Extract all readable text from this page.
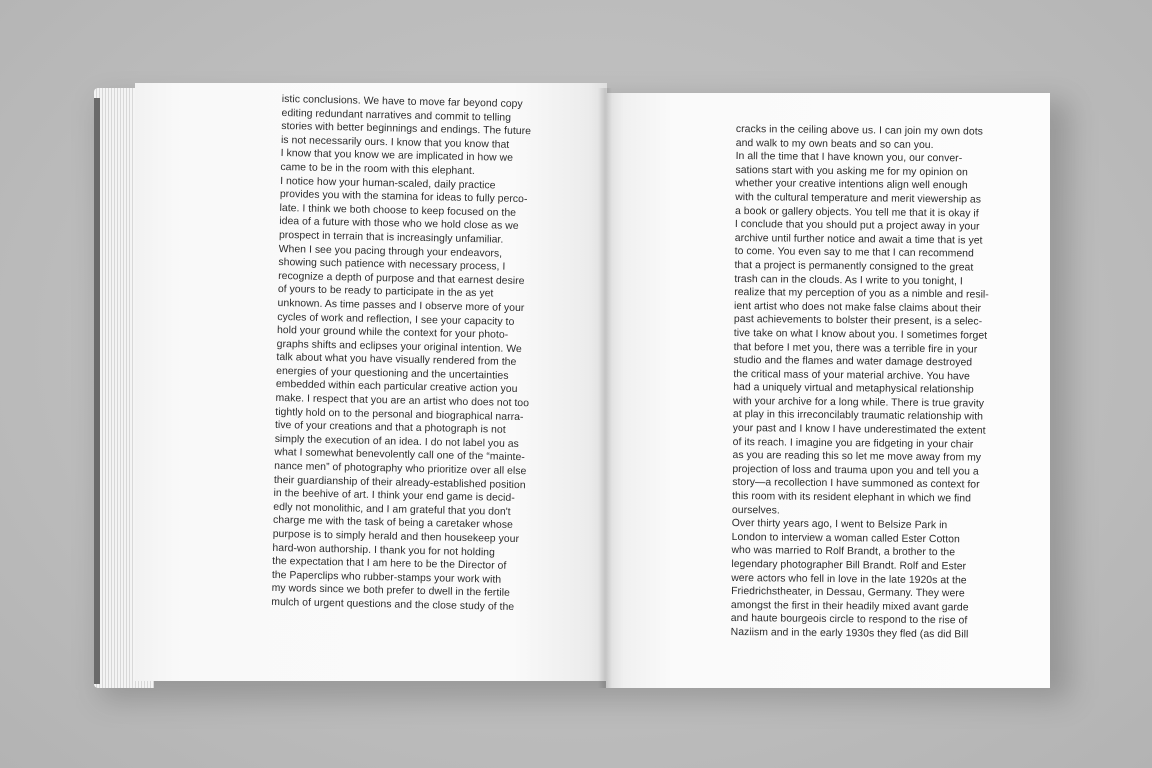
istic conclusions. We have to move far beyond copy
editing redundant narratives and commit to telling
stories with better beginnings and endings. The future
is not necessarily ours. I know that you know that
I know that you know we are implicated in how we
came to be in the room with this elephant.
I notice how your human-scaled, daily practice
provides you with the stamina for ideas to fully perco-
late. I think we both choose to keep focused on the
idea of a future with those who we hold close as we
prospect in terrain that is increasingly unfamiliar.
When I see you pacing through your endeavors,
showing such patience with necessary process, I
recognize a depth of purpose and that earnest desire
of yours to be ready to participate in the as yet
unknown. As time passes and I observe more of your
cycles of work and reflection, I see your capacity to
hold your ground while the context for your photo-
graphs shifts and eclipses your original intention. We
talk about what you have visually rendered from the
energies of your questioning and the uncertainties
embedded within each particular creative action you
make. I respect that you are an artist who does not too
tightly hold on to the personal and biographical narra-
tive of your creations and that a photograph is not
simply the execution of an idea. I do not label you as
what I somewhat benevolently call one of the “mainte-
nance men” of photography who prioritize over all else
their guardianship of their already-established position
in the beehive of art. I think your end game is decid-
edly not monolithic, and I am grateful that you don't
charge me with the task of being a caretaker whose
purpose is to simply herald and then housekeep your
hard-won authorship. I thank you for not holding
the expectation that I am here to be the Director of
the Paperclips who rubber-stamps your work with
my words since we both prefer to dwell in the fertile
mulch of urgent questions and the close study of the
cracks in the ceiling above us. I can join my own dots
and walk to my own beats and so can you.
In all the time that I have known you, our conver-
sations start with you asking me for my opinion on
whether your creative intentions align well enough
with the cultural temperature and merit viewership as
a book or gallery objects. You tell me that it is okay if
I conclude that you should put a project away in your
archive until further notice and await a time that is yet
to come. You even say to me that I can recommend
that a project is permanently consigned to the great
trash can in the clouds. As I write to you tonight, I
realize that my perception of you as a nimble and resil-
ient artist who does not make false claims about their
past achievements to bolster their present, is a selec-
tive take on what I know about you. I sometimes forget
that before I met you, there was a terrible fire in your
studio and the flames and water damage destroyed
the critical mass of your material archive. You have
had a uniquely virtual and metaphysical relationship
with your archive for a long while. There is true gravity
at play in this irreconcilably traumatic relationship with
your past and I know I have underestimated the extent
of its reach. I imagine you are fidgeting in your chair
as you are reading this so let me move away from my
projection of loss and trauma upon you and tell you a
story—a recollection I have summoned as context for
this room with its resident elephant in which we find
ourselves.
Over thirty years ago, I went to Belsize Park in
London to interview a woman called Ester Cotton
who was married to Rolf Brandt, a brother to the
legendary photographer Bill Brandt. Rolf and Ester
were actors who fell in love in the late 1920s at the
Friedrichstheater, in Dessau, Germany. They were
amongst the first in their headily mixed avant garde
and haute bourgeois circle to respond to the rise of
Naziism and in the early 1930s they fled (as did Bill
